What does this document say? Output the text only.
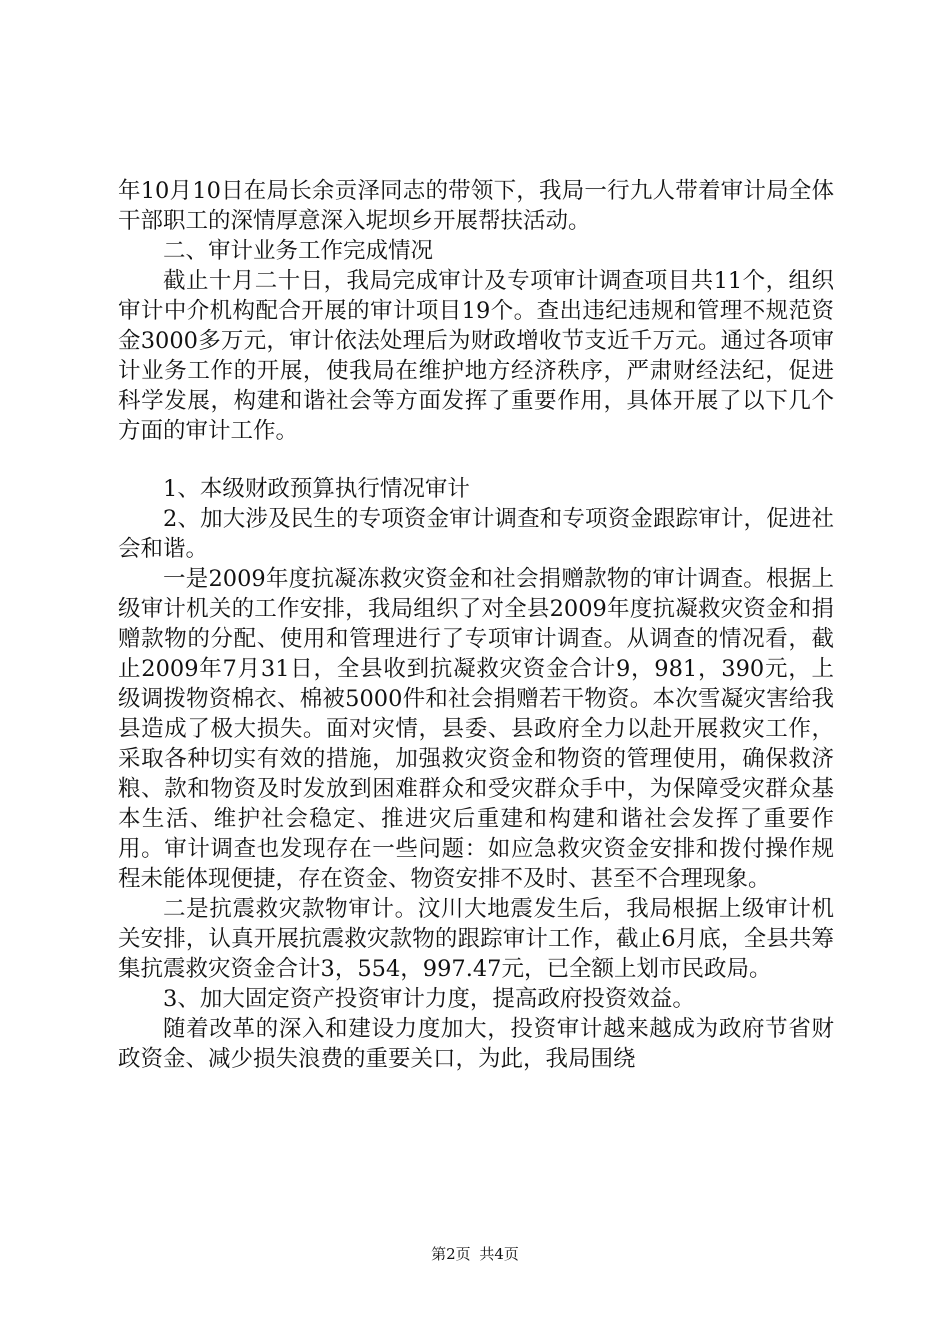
年10月10日在局长余贡泽同志的带领下，我局一行九人带着审计局全体干部职工的深情厚意深入坭坝乡开展帮扶活动。

二、审计业务工作完成情况

截止十月二十日，我局完成审计及专项审计调查项目共11个，组织审计中介机构配合开展的审计项目19个。查出违纪违规和管理不规范资金3000多万元，审计依法处理后为财政增收节支近千万元。通过各项审计业务工作的开展，使我局在维护地方经济秩序，严肃财经法纪，促进科学发展，构建和谐社会等方面发挥了重要作用，具体开展了以下几个方面的审计工作。

1、本级财政预算执行情况审计

2、加大涉及民生的专项资金审计调查和专项资金跟踪审计，促进社会和谐。

一是2009年度抗凝冻救灾资金和社会捐赠款物的审计调查。根据上级审计机关的工作安排，我局组织了对全县2009年度抗凝救灾资金和捐赠款物的分配、使用和管理进行了专项审计调查。从调查的情况看，截止2009年7月31日，全县收到抗凝救灾资金合计9，981，390元，上级调拨物资棉衣、棉被5000件和社会捐赠若干物资。本次雪凝灾害给我县造成了极大损失。面对灾情，县委、县政府全力以赴开展救灾工作，采取各种切实有效的措施，加强救灾资金和物资的管理使用，确保救济粮、款和物资及时发放到困难群众和受灾群众手中，为保障受灾群众基本生活、维护社会稳定、推进灾后重建和构建和谐社会发挥了重要作用。审计调查也发现存在一些问题：如应急救灾资金安排和拨付操作规程未能体现便捷，存在资金、物资安排不及时、甚至不合理现象。

二是抗震救灾款物审计。汶川大地震发生后，我局根据上级审计机关安排，认真开展抗震救灾款物的跟踪审计工作，截止6月底，全县共筹集抗震救灾资金合计3，554，997.47元，已全额上划市民政局。

3、加大固定资产投资审计力度，提高政府投资效益。

随着改革的深入和建设力度加大，投资审计越来越成为政府节省财政资金、减少损失浪费的重要关口，为此，我局围绕

第2页 共4页
